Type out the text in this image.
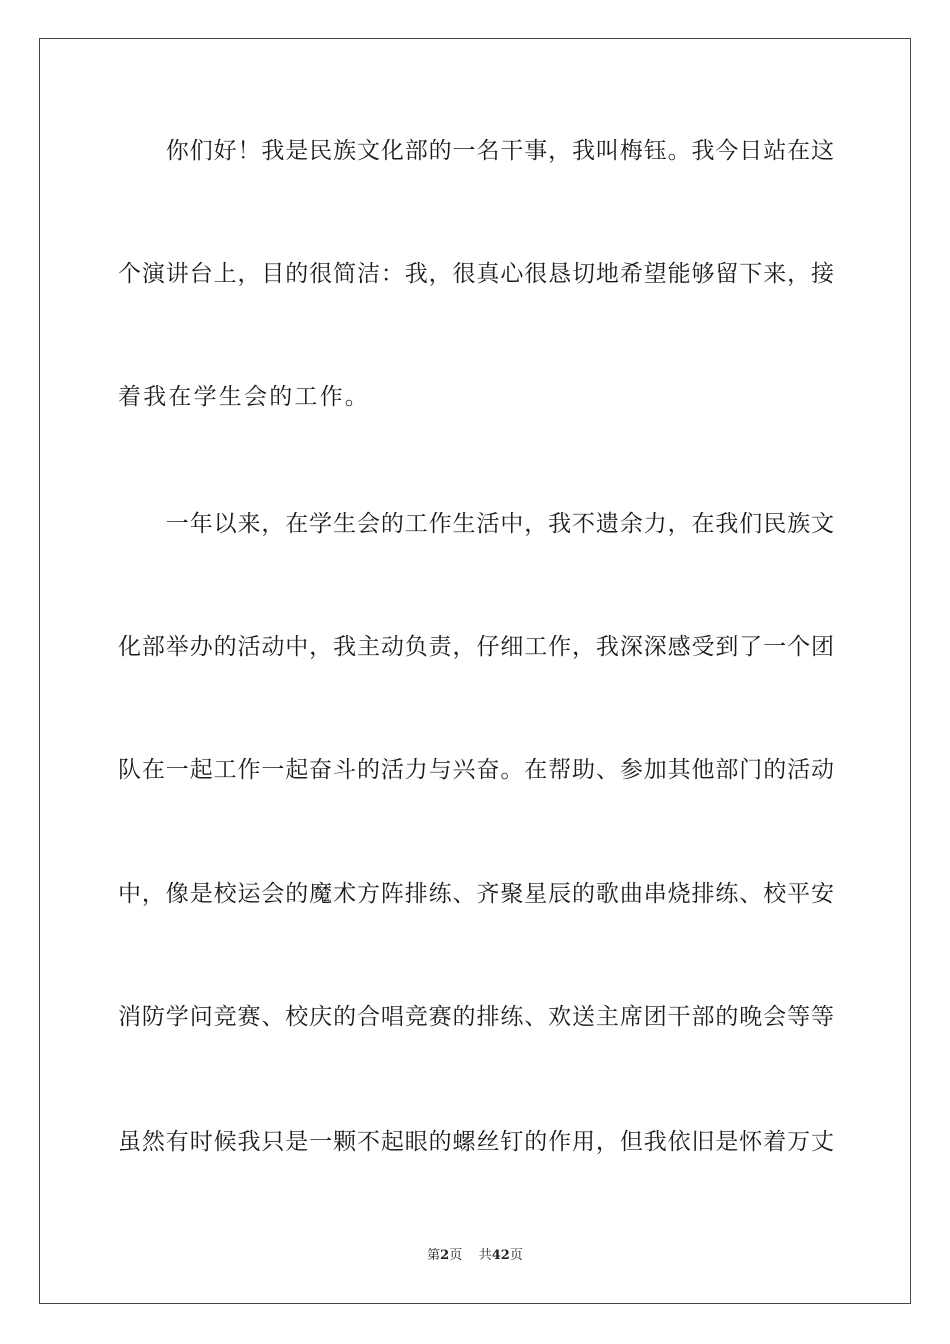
　　你们好！我是民族文化部的一名干事，我叫梅钰。我今日站在这
个演讲台上，目的很简洁：我，很真心很恳切地希望能够留下来，接
着我在学生会的工作。
　　一年以来，在学生会的工作生活中，我不遗余力，在我们民族文
化部举办的活动中，我主动负责，仔细工作，我深深感受到了一个团
队在一起工作一起奋斗的活力与兴奋。在帮助、参加其他部门的活动
中，像是校运会的魔术方阵排练、齐聚星辰的歌曲串烧排练、校平安
消防学问竞赛、校庆的合唱竞赛的排练、欢送主席团干部的晚会等等
虽然有时候我只是一颗不起眼的螺丝钉的作用，但我依旧是怀着万丈
第2页 共42页
